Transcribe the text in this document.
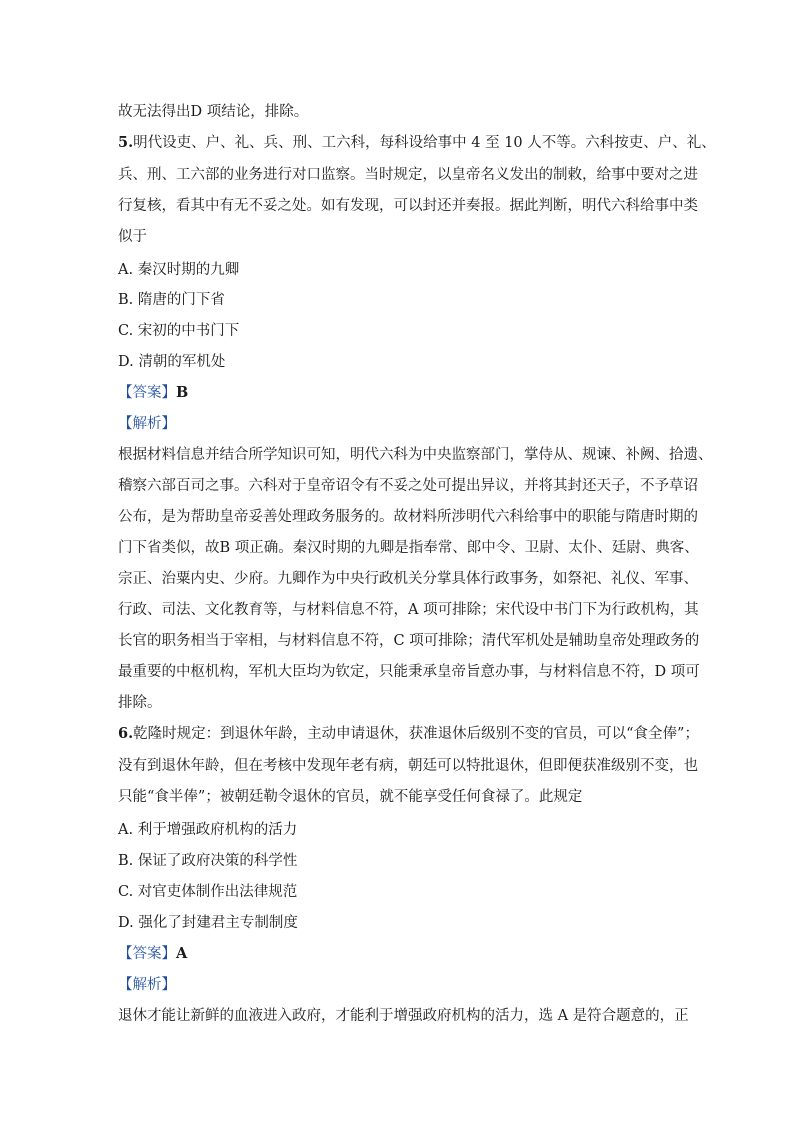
故无法得出D 项结论，排除。
5.明代设吏、户、礼、兵、刑、工六科，每科设给事中 4 至 10 人不等。六科按吏、户、礼、
兵、刑、工六部的业务进行对口监察。当时规定，以皇帝名义发出的制敕，给事中要对之进
行复核，看其中有无不妥之处。如有发现，可以封还并奏报。据此判断，明代六科给事中类
似于
A. 秦汉时期的九卿
B. 隋唐的门下省
C. 宋初的中书门下
D. 清朝的军机处
【答案】B
【解析】
根据材料信息并结合所学知识可知，明代六科为中央监察部门，掌侍从、规谏、补阙、拾遗、
稽察六部百司之事。六科对于皇帝诏令有不妥之处可提出异议，并将其封还天子，不予草诏
公布，是为帮助皇帝妥善处理政务服务的。故材料所涉明代六科给事中的职能与隋唐时期的
门下省类似，故B 项正确。秦汉时期的九卿是指奉常、郎中令、卫尉、太仆、廷尉、典客、
宗正、治粟内史、少府。九卿作为中央行政机关分掌具体行政事务，如祭祀、礼仪、军事、
行政、司法、文化教育等，与材料信息不符，A 项可排除；宋代设中书门下为行政机构，其
长官的职务相当于宰相，与材料信息不符，C 项可排除；清代军机处是辅助皇帝处理政务的
最重要的中枢机构，军机大臣均为钦定，只能秉承皇帝旨意办事，与材料信息不符，D 项可
排除。
6.乾隆时规定：到退休年龄，主动申请退休，获准退休后级别不变的官员，可以“食全俸”；
没有到退休年龄，但在考核中发现年老有病，朝廷可以特批退休，但即便获准级别不变，也
只能“食半俸”；被朝廷勒令退休的官员，就不能享受任何食禄了。此规定
A. 利于增强政府机构的活力
B. 保证了政府决策的科学性
C. 对官吏体制作出法律规范
D. 强化了封建君主专制制度
【答案】A
【解析】
退休才能让新鲜的血液进入政府，才能利于增强政府机构的活力，选 A 是符合题意的，正
